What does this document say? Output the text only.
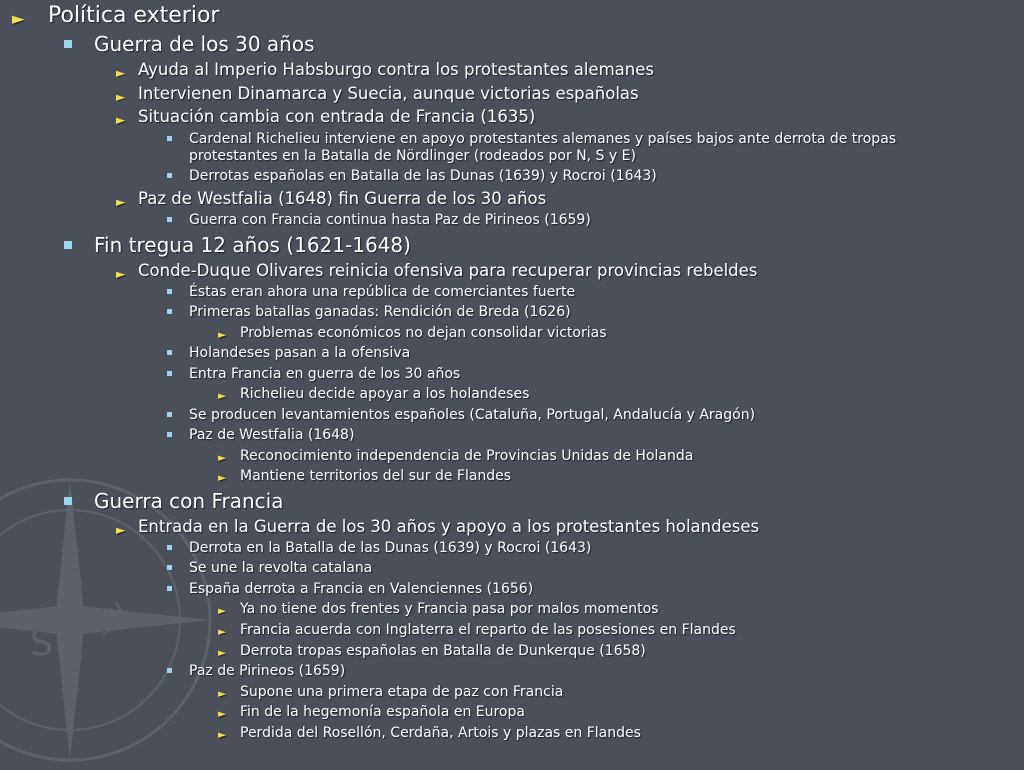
S
SW
► Política exterior
Guerra de los 30 años
► Ayuda al Imperio Habsburgo contra los protestantes alemanes
► Intervienen Dinamarca y Suecia, aunque victorias españolas
► Situación cambia con entrada de Francia (1635)
Cardenal Richelieu interviene en apoyo protestantes alemanes y países bajos ante derrota de tropas
protestantes en la Batalla de Nördlinger (rodeados por N, S y E)
Derrotas españolas en Batalla de las Dunas (1639) y Rocroi (1643)
► Paz de Westfalia (1648) fin Guerra de los 30 años
Guerra con Francia continua hasta Paz de Pirineos (1659)
Fin tregua 12 años (1621-1648)
► Conde-Duque Olivares reinicia ofensiva para recuperar provincias rebeldes
Éstas eran ahora una república de comerciantes fuerte
Primeras batallas ganadas: Rendición de Breda (1626)
► Problemas económicos no dejan consolidar victorias
Holandeses pasan a la ofensiva
Entra Francia en guerra de los 30 años
► Richelieu decide apoyar a los holandeses
Se producen levantamientos españoles (Cataluña, Portugal, Andalucía y Aragón)
Paz de Westfalia (1648)
► Reconocimiento independencia de Provincias Unidas de Holanda
► Mantiene territorios del sur de Flandes
Guerra con Francia
► Entrada en la Guerra de los 30 años y apoyo a los protestantes holandeses
Derrota en la Batalla de las Dunas (1639) y Rocroi (1643)
Se une la revolta catalana
España derrota a Francia en Valenciennes (1656)
► Ya no tiene dos frentes y Francia pasa por malos momentos
► Francia acuerda con Inglaterra el reparto de las posesiones en Flandes
► Derrota tropas españolas en Batalla de Dunkerque (1658)
Paz de Pirineos (1659)
► Supone una primera etapa de paz con Francia
► Fin de la hegemonía española en Europa
► Perdida del Rosellón, Cerdaña, Artois y plazas en Flandes
